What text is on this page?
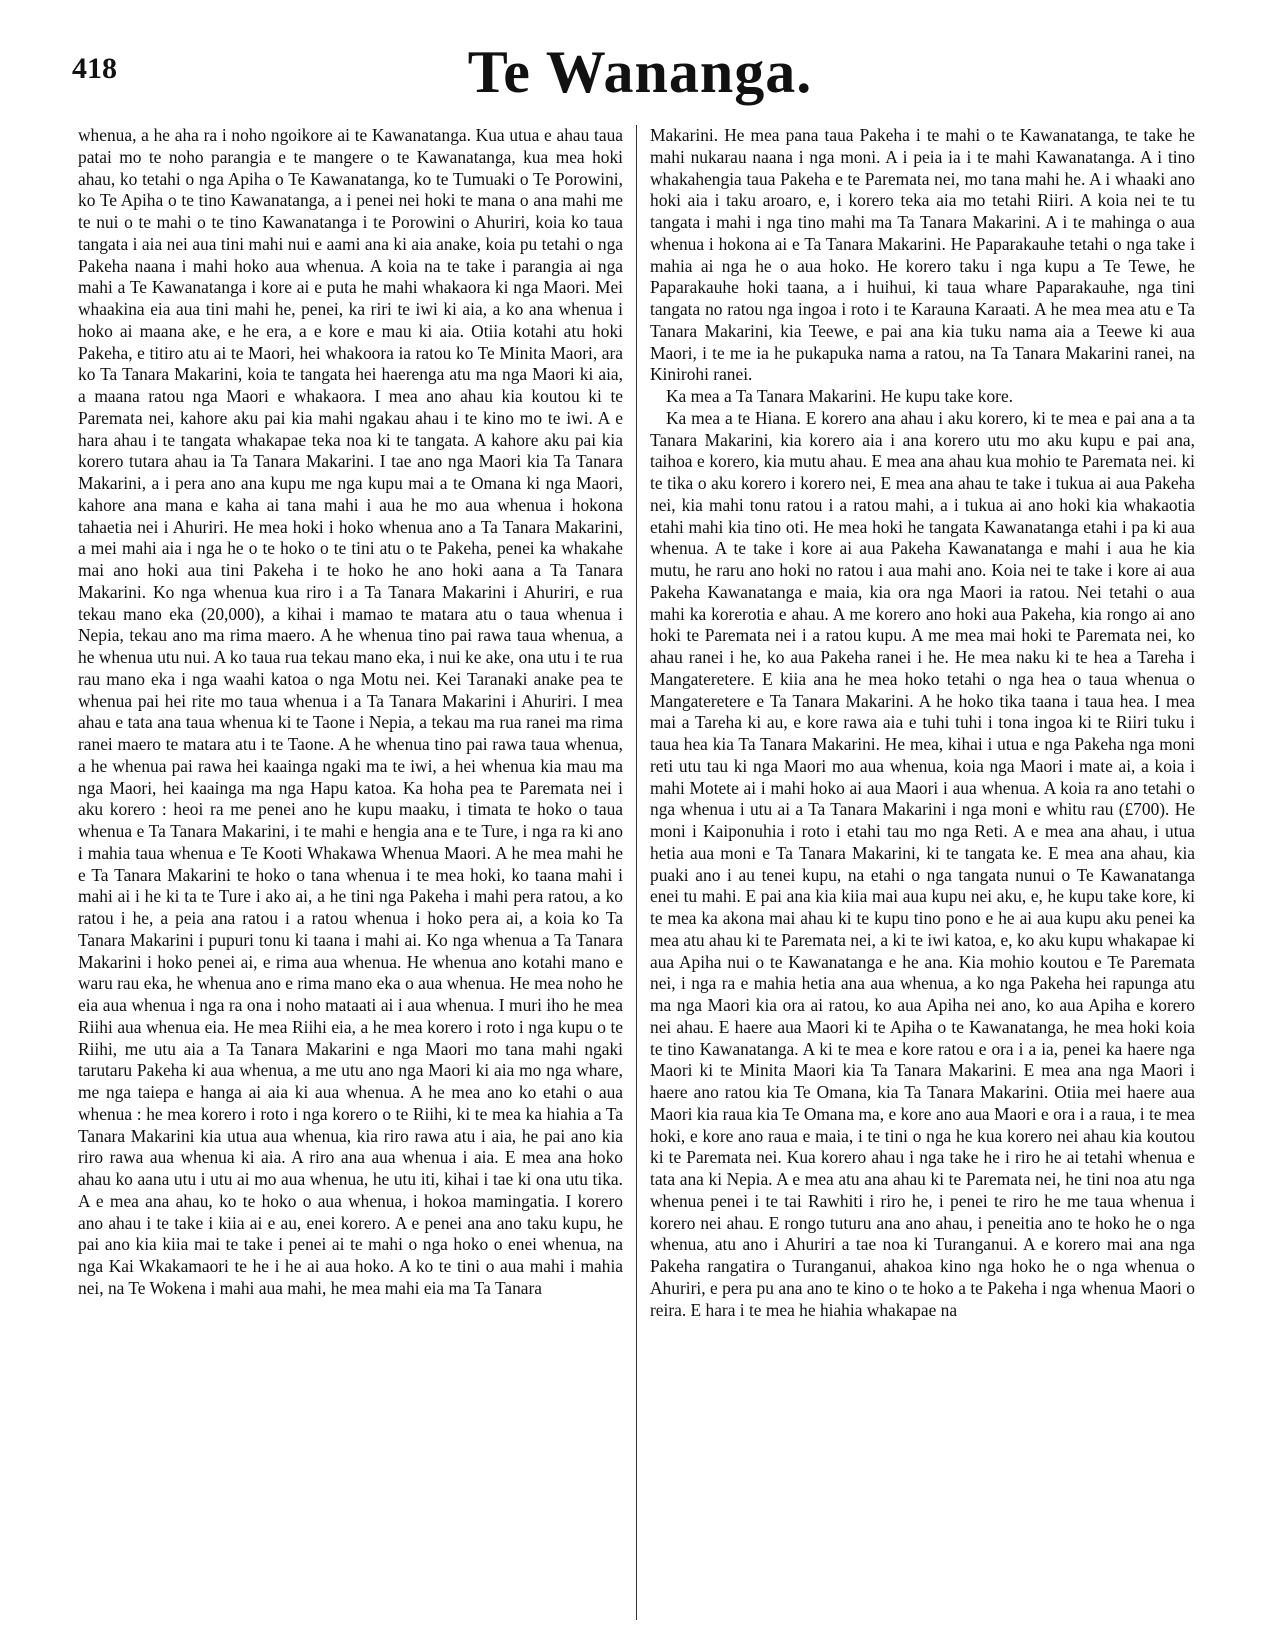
418	Te Wananga.

whenua, a he aha ra i noho ngoikore ai te Kawanatanga. Kua utua e ahau taua patai mo te noho parangia e te mangere o te Kawanatanga, kua mea hoki ahau, ko tetahi o nga Apiha o Te Kawanatanga, ko te Tumuaki o Te Porowini, ko Te Apiha o te tino Kawanatanga, a i penei nei hoki te mana o ana mahi me te nui o te mahi o te tino Kawanatanga i te Porowini o Ahuriri, koia ko taua tangata i aia nei aua tini mahi nui e aami ana ki aia anake, koia pu tetahi o nga Pakeha naana i mahi hoko aua whenua. A koia na te take i parangia ai nga mahi a Te Kawanatanga i kore ai e puta he mahi whakaora ki nga Maori. Mei whaakina eia aua tini mahi he, penei, ka riri te iwi ki aia, a ko ana whenua i hoko ai maana ake, e he era, a e kore e mau ki aia. Otiia kotahi atu hoki Pakeha, e titiro atu ai te Maori, hei whakoora ia ratou ko Te Minita Maori, ara ko Ta Tanara Makarini, koia te tangata hei haerenga atu ma nga Maori ki aia, a maana ratou nga Maori e whakaora. I mea ano ahau kia koutou ki te Paremata nei, kahore aku pai kia mahi ngakau ahau i te kino mo te iwi. A e hara ahau i te tangata whakapae teka noa ki te tangata. A kahore aku pai kia korero tutara ahau ia Ta Tanara Makarini. I tae ano nga Maori kia Ta Tanara Makarini, a i pera ano ana kupu me nga kupu mai a te Omana ki nga Maori, kahore ana mana e kaha ai tana mahi i aua he mo aua whenua i hokona tahaetia nei i Ahuriri. He mea hoki i hoko whenua ano a Ta Tanara Makarini, a mei mahi aia i nga he o te hoko o te tini atu o te Pakeha, penei ka whakahe mai ano hoki aua tini Pakeha i te hoko he ano hoki aana a Ta Tanara Makarini. Ko nga whenua kua riro i a Ta Tanara Makarini i Ahuriri, e rua tekau mano eka (20,000), a kihai i mamao te matara atu o taua whenua i Nepia, tekau ano ma rima maero. A he whenua tino pai rawa taua whenua, a he whenua utu nui. A ko taua rua tekau mano eka, i nui ke ake, ona utu i te rua rau mano eka i nga waahi katoa o nga Motu nei. Kei Taranaki anake pea te whenua pai hei rite mo taua whenua i a Ta Tanara Makarini i Ahuriri. I mea ahau e tata ana taua whenua ki te Taone i Nepia, a tekau ma rua ranei ma rima ranei maero te matara atu i te Taone. A he whenua tino pai rawa taua whenua, a he whenua pai rawa hei kaainga ngaki ma te iwi, a hei whenua kia mau ma nga Maori, hei kaainga ma nga Hapu katoa. Ka hoha pea te Paremata nei i aku korero : heoi ra me penei ano he kupu maaku, i timata te hoko o taua whenua e Ta Tanara Makarini, i te mahi e hengia ana e te Ture, i nga ra ki ano i mahia taua whenua e Te Kooti Whakawa Whenua Maori. A he mea mahi he e Ta Tanara Makarini te hoko o tana whenua i te mea hoki, ko taana mahi i mahi ai i he ki ta te Ture i ako ai, a he tini nga Pakeha i mahi pera ratou, a ko ratou i he, a peia ana ratou i a ratou whenua i hoko pera ai, a koia ko Ta Tanara Makarini i pupuri tonu ki taana i mahi ai. Ko nga whenua a Ta Tanara Makarini i hoko penei ai, e rima aua whenua. He whenua ano kotahi mano e waru rau eka, he whenua ano e rima mano eka o aua whenua. He mea noho he eia aua whenua i nga ra ona i noho mataati ai i aua whenua. I muri iho he mea Riihi aua whenua eia. He mea Riihi eia, a he mea korero i roto i nga kupu o te Riihi, me utu aia a Ta Tanara Makarini e nga Maori mo tana mahi ngaki tarutaru Pakeha ki aua whenua, a me utu ano nga Maori ki aia mo nga whare, me nga taiepa e hanga ai aia ki aua whenua. A he mea ano ko etahi o aua whenua : he mea korero i roto i nga korero o te Riihi, ki te mea ka hiahia a Ta Tanara Makarini kia utua aua whenua, kia riro rawa atu i aia, he pai ano kia riro rawa aua whenua ki aia. A riro ana aua whenua i aia. E mea ana hoko ahau ko aana utu i utu ai mo aua whenua, he utu iti, kihai i tae ki ona utu tika. A e mea ana ahau, ko te hoko o aua whenua, i hokoa mamingatia. I korero ano ahau i te take i kiia ai e au, enei korero. A e penei ana ano taku kupu, he pai ano kia kiia mai te take i penei ai te mahi o nga hoko o enei whenua, na nga Kai Wkakamaori te he i he ai aua hoko. A ko te tini o aua mahi i mahia nei, na Te Wokena i mahi aua mahi, he mea mahi eia ma Ta Tanara

Makarini. He mea pana taua Pakeha i te mahi o te Kawanatanga, te take he mahi nukarau naana i nga moni. A i peia ia i te mahi Kawanatanga. A i tino whakahengia taua Pakeha e te Paremata nei, mo tana mahi he. A i whaaki ano hoki aia i taku aroaro, e, i korero teka aia mo tetahi Riiri. A koia nei te tu tangata i mahi i nga tino mahi ma Ta Tanara Makarini. A i te mahinga o aua whenua i hokona ai e Ta Tanara Makarini. He Paparakauhe tetahi o nga take i mahia ai nga he o aua hoko. He korero taku i nga kupu a Te Tewe, he Paparakauhe hoki taana, a i huihui, ki taua whare Paparakauhe, nga tini tangata no ratou nga ingoa i roto i te Karauna Karaati. A he mea mea atu e Ta Tanara Makarini, kia Teewe, e pai ana kia tuku nama aia a Teewe ki aua Maori, i te me ia he pukapuka nama a ratou, na Ta Tanara Makarini ranei, na Kinirohi ranei.

Ka mea a Ta Tanara Makarini. He kupu take kore.

Ka mea a te Hiana. E korero ana ahau i aku korero, ki te mea e pai ana a ta Tanara Makarini, kia korero aia i ana korero utu mo aku kupu e pai ana, taihoa e korero, kia mutu ahau. E mea ana ahau kua mohio te Paremata nei. ki te tika o aku korero i korero nei, E mea ana ahau te take i tukua ai aua Pakeha nei, kia mahi tonu ratou i a ratou mahi, a i tukua ai ano hoki kia whakaotia etahi mahi kia tino oti. He mea hoki he tangata Kawanatanga etahi i pa ki aua whenua. A te take i kore ai aua Pakeha Kawanatanga e mahi i aua he kia mutu, he raru ano hoki no ratou i aua mahi ano. Koia nei te take i kore ai aua Pakeha Kawanatanga e maia, kia ora nga Maori ia ratou. Nei tetahi o aua mahi ka korerotia e ahau. A me korero ano hoki aua Pakeha, kia rongo ai ano hoki te Paremata nei i a ratou kupu. A me mea mai hoki te Paremata nei, ko ahau ranei i he, ko aua Pakeha ranei i he. He mea naku ki te hea a Tareha i Mangateretere. E kiia ana he mea hoko tetahi o nga hea o taua whenua o Mangateretere e Ta Tanara Makarini. A he hoko tika taana i taua hea. I mea mai a Tareha ki au, e kore rawa aia e tuhi tuhi i tona ingoa ki te Riiri tuku i taua hea kia Ta Tanara Makarini. He mea, kihai i utua e nga Pakeha nga moni reti utu tau ki nga Maori mo aua whenua, koia nga Maori i mate ai, a koia i mahi Motete ai i mahi hoko ai aua Maori i aua whenua. A koia ra ano tetahi o nga whenua i utu ai a Ta Tanara Makarini i nga moni e whitu rau (£700). He moni i Kaiponuhia i roto i etahi tau mo nga Reti. A e mea ana ahau, i utua hetia aua moni e Ta Tanara Makarini, ki te tangata ke. E mea ana ahau, kia puaki ano i au tenei kupu, na etahi o nga tangata nunui o Te Kawanatanga enei tu mahi. E pai ana kia kiia mai aua kupu nei aku, e, he kupu take kore, ki te mea ka akona mai ahau ki te kupu tino pono e he ai aua kupu aku penei ka mea atu ahau ki te Paremata nei, a ki te iwi katoa, e, ko aku kupu whakapae ki aua Apiha nui o te Kawanatanga e he ana. Kia mohio koutou e Te Paremata nei, i nga ra e mahia hetia ana aua whenua, a ko nga Pakeha hei rapunga atu ma nga Maori kia ora ai ratou, ko aua Apiha nei ano, ko aua Apiha e korero nei ahau. E haere aua Maori ki te Apiha o te Kawanatanga, he mea hoki koia te tino Kawanatanga. A ki te mea e kore ratou e ora i a ia, penei ka haere nga Maori ki te Minita Maori kia Ta Tanara Makarini. E mea ana nga Maori i haere ano ratou kia Te Omana, kia Ta Tanara Makarini. Otiia mei haere aua Maori kia raua kia Te Omana ma, e kore ano aua Maori e ora i a raua, i te mea hoki, e kore ano raua e maia, i te tini o nga he kua korero nei ahau kia koutou ki te Paremata nei. Kua korero ahau i nga take he i riro he ai tetahi whenua e tata ana ki Nepia. A e mea atu ana ahau ki te Paremata nei, he tini noa atu nga whenua penei i te tai Rawhiti i riro he, i penei te riro he me taua whenua i korero nei ahau. E rongo tuturu ana ano ahau, i peneitia ano te hoko he o nga whenua, atu ano i Ahuriri a tae noa ki Turanganui. A e korero mai ana nga Pakeha rangatira o Turanganui, ahakoa kino nga hoko he o nga whenua o Ahuriri, e pera pu ana ano te kino o te hoko a te Pakeha i nga whenua Maori o reira. E hara i te mea he hiahia whakapae na
